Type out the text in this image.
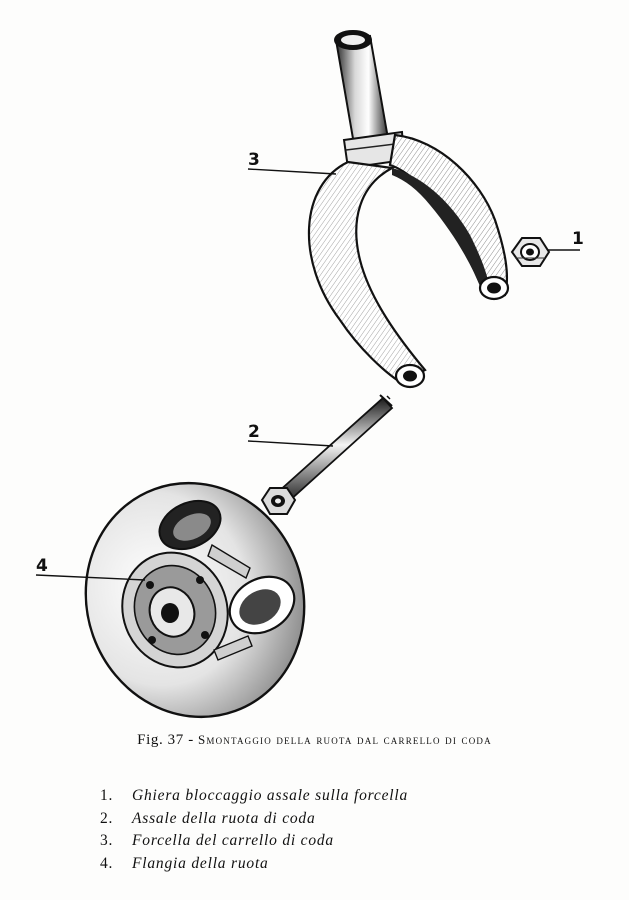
1
2
3
4
Fig. 37 - Smontaggio della ruota dal carrello di coda
1. Ghiera bloccaggio assale sulla forcella
2. Assale della ruota di coda
3. Forcella del carrello di coda
4. Flangia della ruota
